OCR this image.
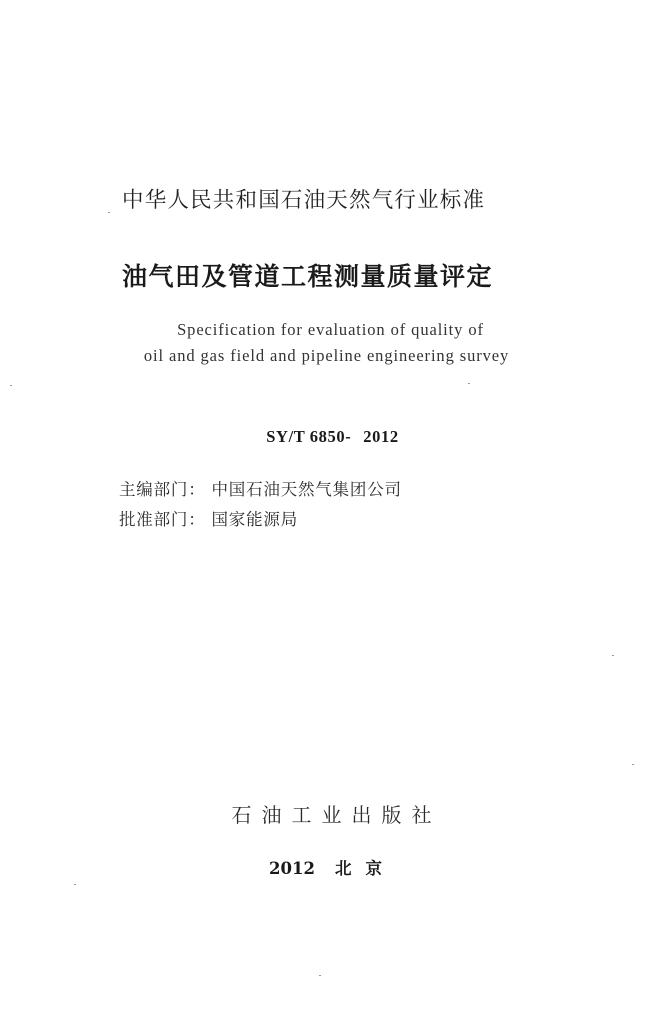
中华人民共和国石油天然气行业标准
油气田及管道工程测量质量评定
Specification for evaluation of quality of
oil and gas field and pipeline engineering survey
SY/T 6850- 2012
主编部门： 中国石油天然气集团公司
批准部门： 国家能源局
石油工业出版社
2012 北京
